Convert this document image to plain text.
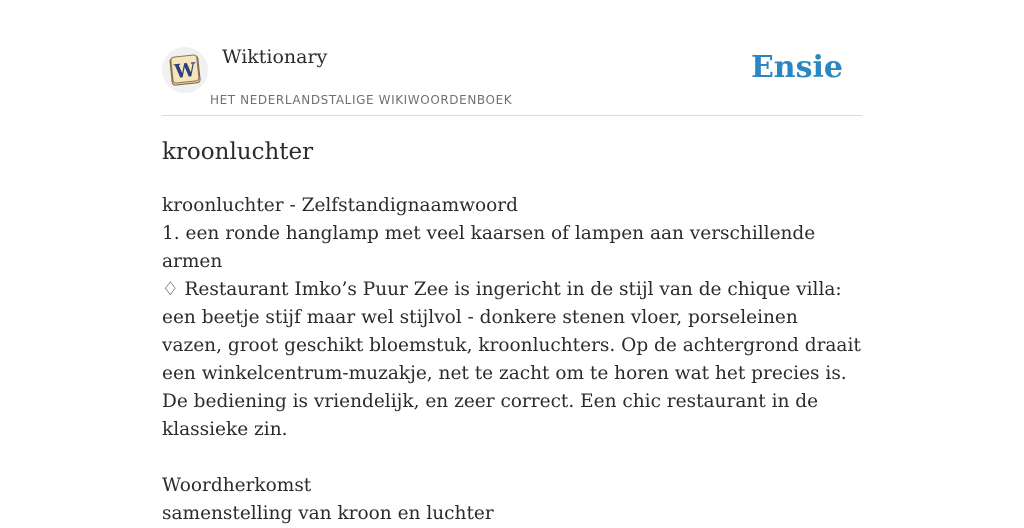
W
Wiktionary
HET NEDERLANDSTALIGE WIKIWOORDENBOEK
Ensie
kroonluchter
kroonluchter - Zelfstandignaamwoord
1. een ronde hanglamp met veel kaarsen of lampen aan verschillende armen
♢ Restaurant Imko’s Puur Zee is ingericht in de stijl van de chique villa: een beetje stijf maar wel stijlvol - donkere stenen vloer, porseleinen vazen, groot geschikt bloemstuk, kroonluchters. Op de achtergrond draait een winkelcentrum-muzakje, net te zacht om te horen wat het precies is. De bediening is vriendelijk, en zeer correct. Een chic restaurant in de klassieke zin.
Woordherkomst
samenstelling van kroon en luchter
